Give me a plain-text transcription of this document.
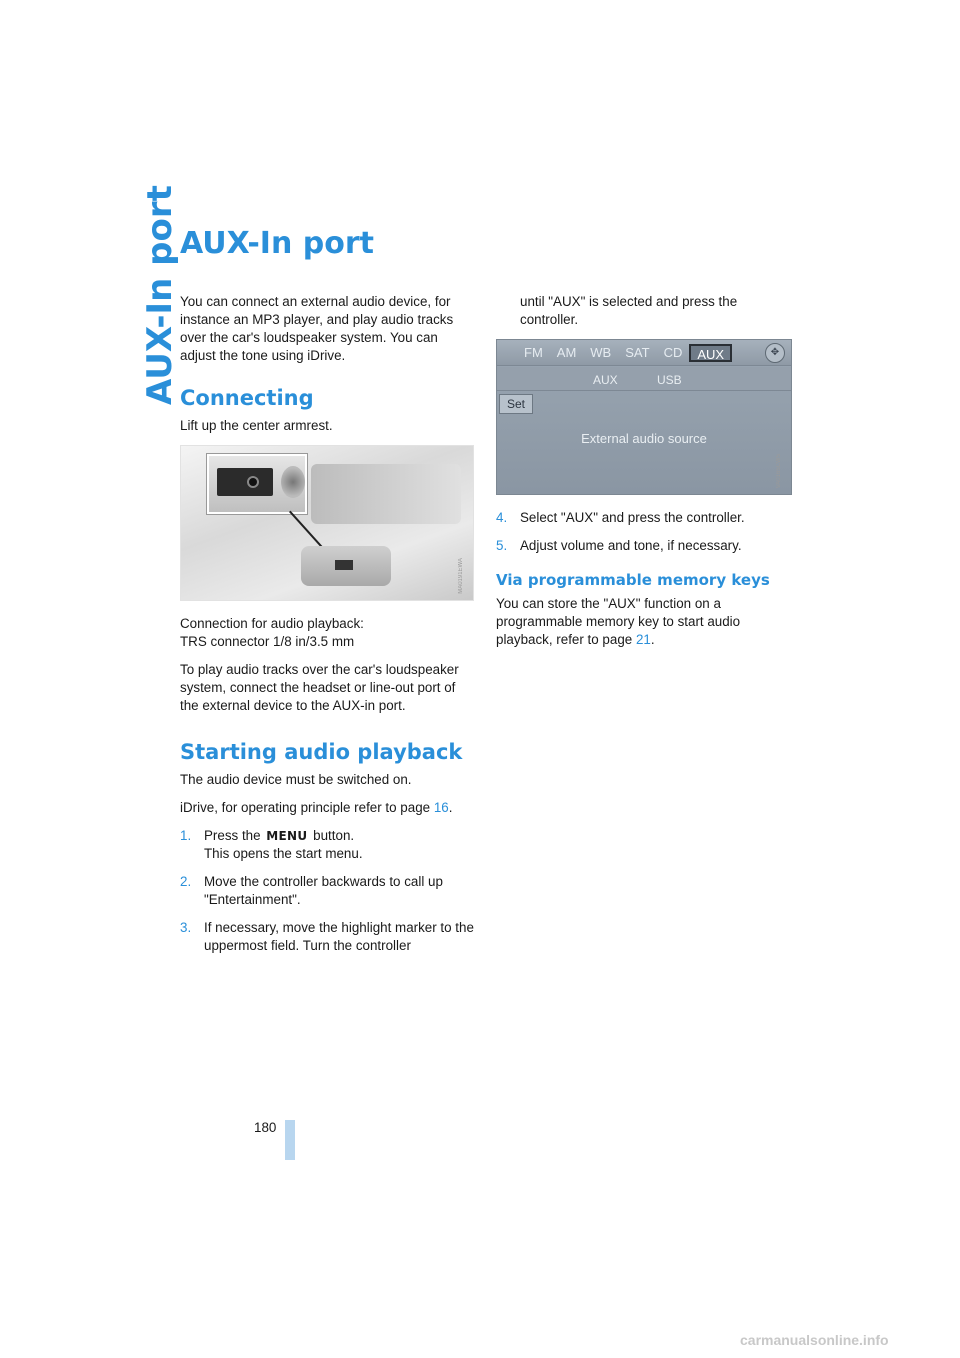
AUX-In port AUX-In port

You can connect an external audio device, for instance an MP3 player, and play audio tracks over the car's loudspeaker system. You can adjust the tone using iDrive.

Connecting

Lift up the center armrest.

MA0191EWA

Connection for audio playback:
TRS connector 1/8 in/3.5 mm

To play audio tracks over the car's loudspeaker system, connect the headset or line-out port of the external device to the AUX-in port.

Starting audio playback

The audio device must be switched on.

iDrive, for operating principle refer to page 16.

1. Press the MENU button.
This opens the start menu.
2. Move the controller backwards to call up "Entertainment".
3. If necessary, move the highlight marker to the uppermost field. Turn the controller

until "AUX" is selected and press the controller.

FM	AM	WB	SAT	CD	AUX	✥
AUX	USB
Set
External audio source
VA0165CW5
4. Select "AUX" and press the controller.
5. Adjust volume and tone, if necessary.
Via programmable memory keys

You can store the "AUX" function on a programmable memory key to start audio playback, refer to page 21.

180
carmanualsonline.info
